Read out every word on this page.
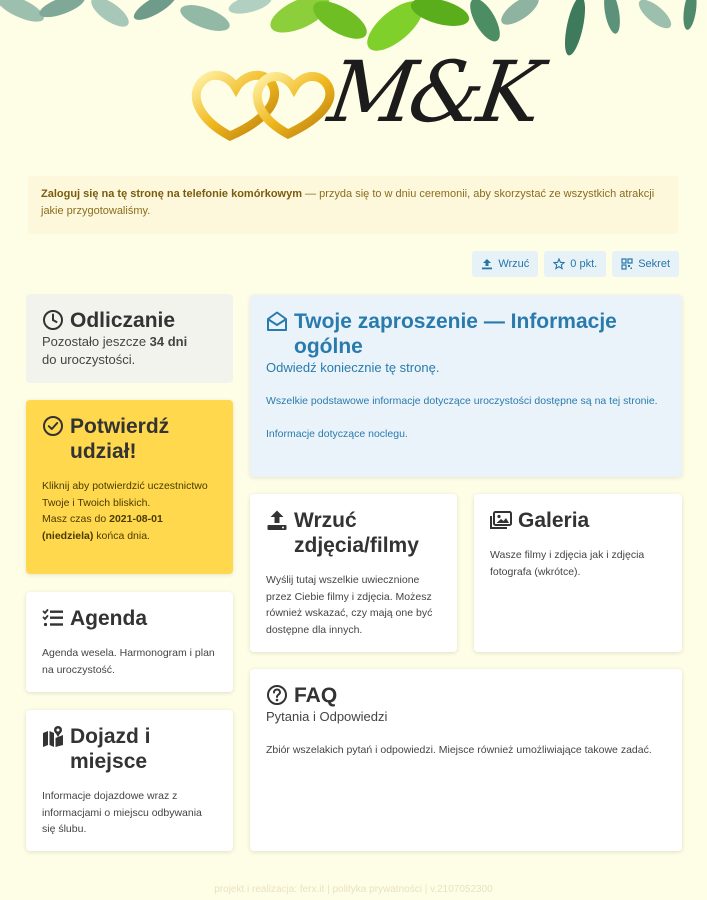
M&K
Zaloguj się na tę stronę na telefonie komórkowym — przyda się to w dniu ceremonii, aby skorzystać ze wszystkich atrakcji jakie przygotowaliśmy.
Wrzuć	0 pkt.	Sekret
Odliczanie
Pozostało jeszcze 34 dni
do uroczystości.
Potwierdź udział!

Kliknij aby potwierdzić uczestnictwo Twoje i Twoich bliskich.
Masz czas do 2021-08-01 (niedziela) końca dnia.

Agenda

Agenda wesela. Harmonogram i plan na uroczystość.

Dojazd i miejsce

Informacje dojazdowe wraz z informacjami o miejscu odbywania się ślubu.

Twoje zaproszenie — Informacje ogólne
Odwiedź koniecznie tę stronę.

Wszelkie podstawowe informacje dotyczące uroczystości dostępne są na tej stronie.

Informacje dotyczące noclegu.

Wrzuć zdjęcia/filmy

Wyślij tutaj wszelkie uwiecznione przez Ciebie filmy i zdjęcia. Możesz również wskazać, czy mają one być dostępne dla innych.

Galeria

Wasze filmy i zdjęcia jak i zdjęcia fotografa (wkrótce).

FAQ
Pytania i Odpowiedzi

Zbiór wszelakich pytań i odpowiedzi. Miejsce również umożliwiające takowe zadać.

projekt i realizacja: ferx.it | polityka prywatności | v.2107052300
